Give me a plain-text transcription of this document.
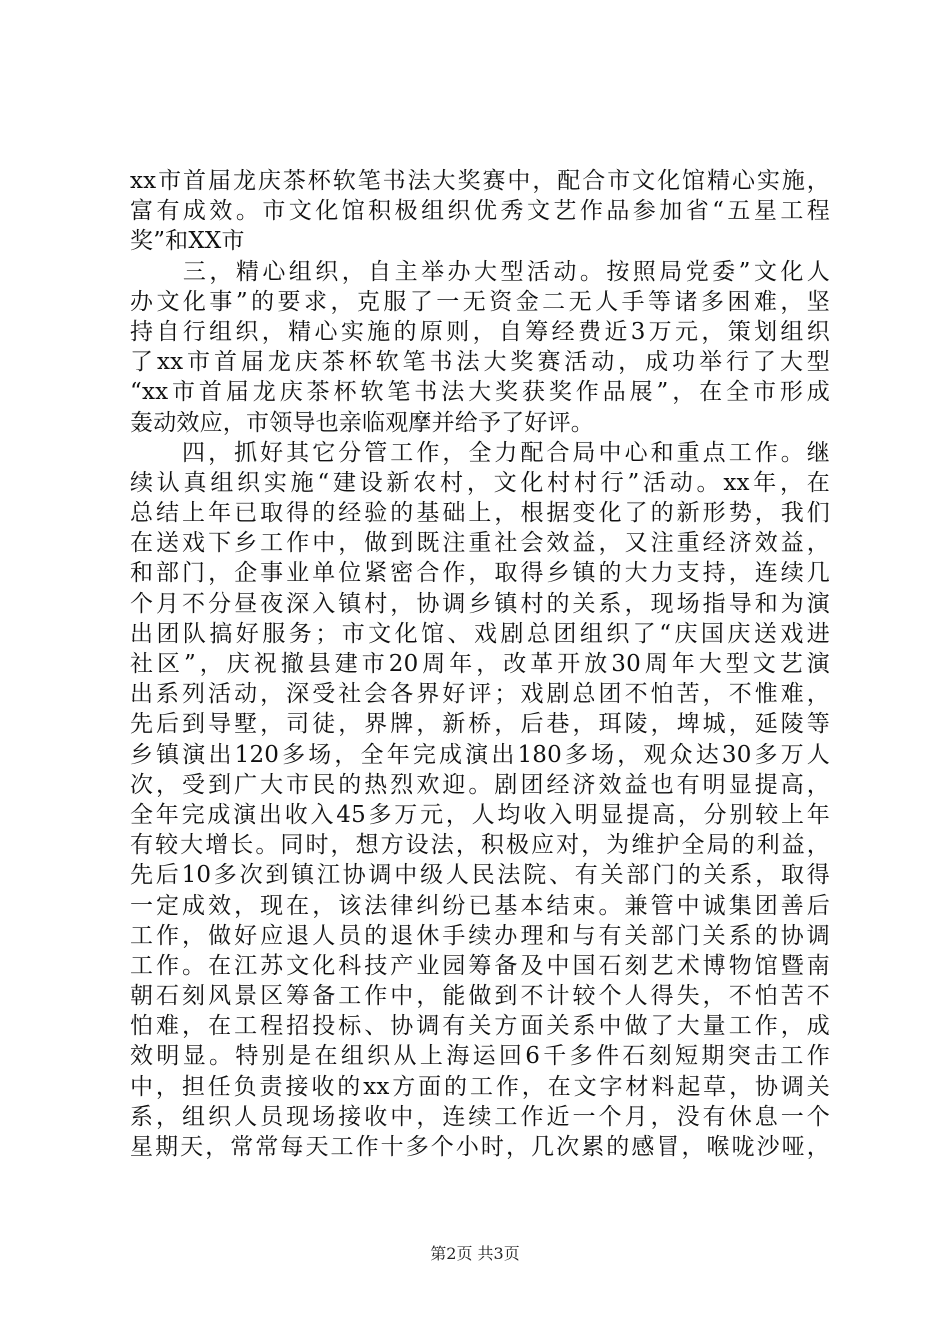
xx市首届龙庆茶杯软笔书法大奖赛中，配合市文化馆精心实施，
富有成效。市文化馆积极组织优秀文艺作品参加省“五星工程
奖”和XX市
　　三，精心组织，自主举办大型活动。按照局党委”文化人
办文化事”的要求，克服了一无资金二无人手等诸多困难，坚
持自行组织，精心实施的原则，自筹经费近3万元，策划组织
了xx市首届龙庆茶杯软笔书法大奖赛活动，成功举行了大型
“xx市首届龙庆茶杯软笔书法大奖获奖作品展”，在全市形成
轰动效应，市领导也亲临观摩并给予了好评。
　　四，抓好其它分管工作，全力配合局中心和重点工作。继
续认真组织实施“建设新农村，文化村村行”活动。xx年，在
总结上年已取得的经验的基础上，根据变化了的新形势，我们
在送戏下乡工作中，做到既注重社会效益，又注重经济效益，
和部门，企事业单位紧密合作，取得乡镇的大力支持，连续几
个月不分昼夜深入镇村，协调乡镇村的关系，现场指导和为演
出团队搞好服务；市文化馆、戏剧总团组织了“庆国庆送戏进
社区”，庆祝撤县建市20周年，改革开放30周年大型文艺演
出系列活动，深受社会各界好评；戏剧总团不怕苦，不惟难，
先后到导墅，司徒，界牌，新桥，后巷，珥陵，埤城，延陵等
乡镇演出120多场，全年完成演出180多场，观众达30多万人
次，受到广大市民的热烈欢迎。剧团经济效益也有明显提高，
全年完成演出收入45多万元，人均收入明显提高，分别较上年
有较大增长。同时，想方设法，积极应对，为维护全局的利益，
先后10多次到镇江协调中级人民法院、有关部门的关系，取得
一定成效，现在，该法律纠纷已基本结束。兼管中诚集团善后
工作，做好应退人员的退休手续办理和与有关部门关系的协调
工作。在江苏文化科技产业园筹备及中国石刻艺术博物馆暨南
朝石刻风景区筹备工作中，能做到不计较个人得失，不怕苦不
怕难，在工程招投标、协调有关方面关系中做了大量工作，成
效明显。特别是在组织从上海运回6千多件石刻短期突击工作
中，担任负责接收的xx方面的工作，在文字材料起草，协调关
系，组织人员现场接收中，连续工作近一个月，没有休息一个
星期天，常常每天工作十多个小时，几次累的感冒，喉咙沙哑，
第2页 共3页
